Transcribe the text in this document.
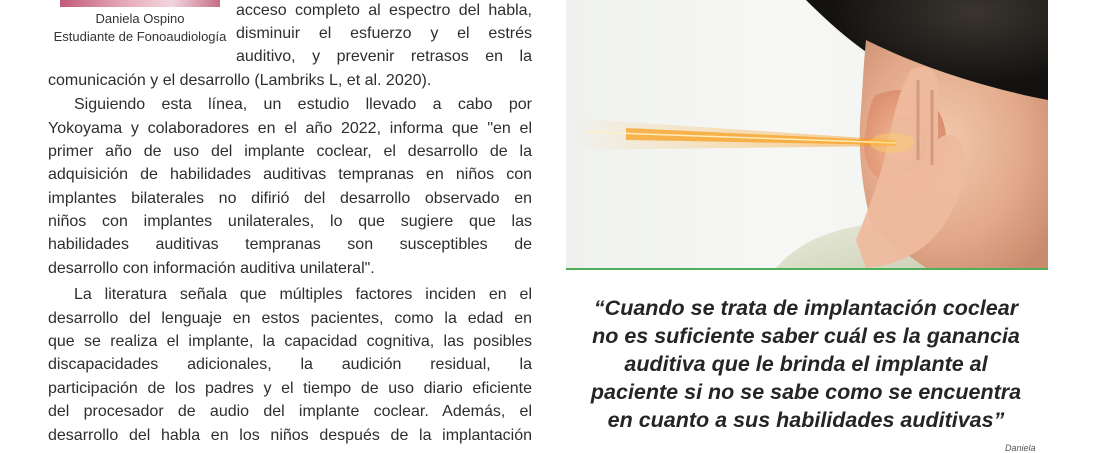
Daniela Ospino
Estudiante de Fonoaudiología
acceso completo al espectro del habla,
disminuir el esfuerzo y el estrés
auditivo, y prevenir retrasos en la
comunicación y el desarrollo (Lambriks L, et al. 2020).
Siguiendo esta línea, un estudio llevado a cabo por
Yokoyama y colaboradores en el año 2022, informa que "en el
primer año de uso del implante coclear, el desarrollo de la
adquisición de habilidades auditivas tempranas en niños con
implantes bilaterales no difirió del desarrollo observado en
niños con implantes unilaterales, lo que sugiere que las
habilidades auditivas tempranas son susceptibles de
desarrollo con información auditiva unilateral".
La literatura señala que múltiples factores inciden en el
desarrollo del lenguaje en estos pacientes, como la edad en
que se realiza el implante, la capacidad cognitiva, las posibles
discapacidades adicionales, la audición residual, la
participación de los padres y el tiempo de uso diario eficiente
del procesador de audio del implante coclear. Además, el
desarrollo del habla en los niños después de la implantación
“Cuando se trata de implantación coclear
no es suficiente saber cuál es la ganancia
auditiva que le brinda el implante al
paciente si no se sabe como se encuentra
en cuanto a sus habilidades auditivas”
Daniela
